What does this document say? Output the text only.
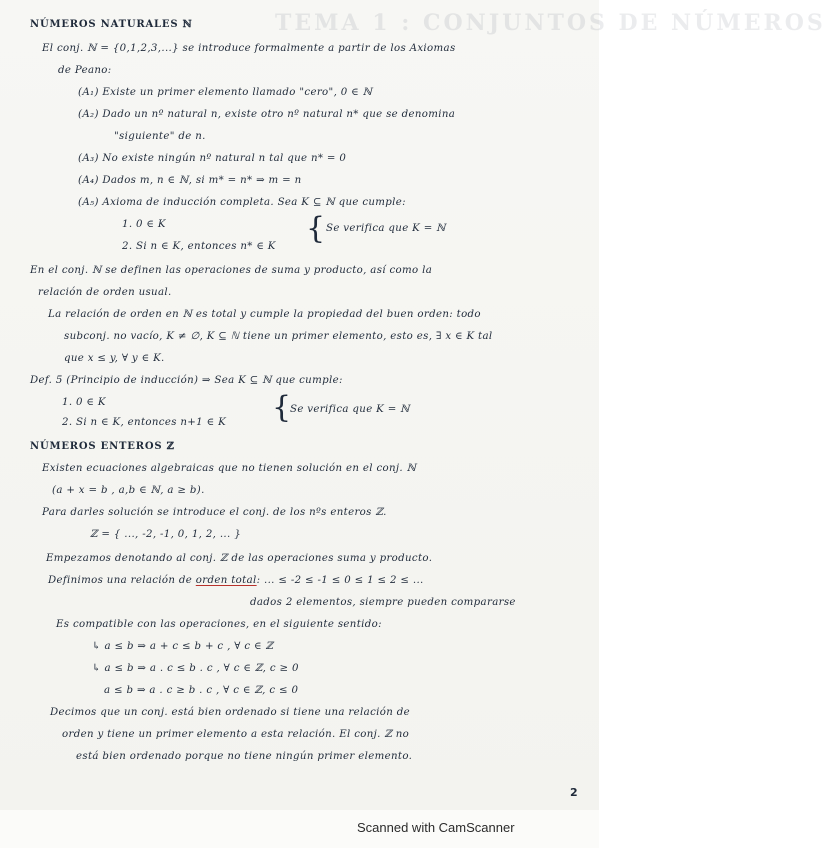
TEMA 1 : CONJUNTOS DE NÚMEROS
NÚMEROS NATURALES ℕ
El conj. ℕ = {0,1,2,3,...} se introduce formalmente a partir de los Axiomas
de Peano:
(A₁) Existe un primer elemento llamado "cero", 0 ∈ ℕ
(A₂) Dado un nº natural n, existe otro nº natural n* que se denomina
"siguiente" de n.
(A₃) No existe ningún nº natural n tal que n* = 0
(A₄) Dados m, n ∈ ℕ, si m* = n* ⇒ m = n
(A₅) Axioma de inducción completa. Sea K ⊆ ℕ que cumple:
1. 0 ∈ K
2. Si n ∈ K, entonces n* ∈ K
{ Se verifica que K = ℕ
En el conj. ℕ se definen las operaciones de suma y producto, así como la
relación de orden usual.
La relación de orden en ℕ es total y cumple la propiedad del buen orden: todo
subconj. no vacío, K ≠ ∅, K ⊆ ℕ tiene un primer elemento, esto es, ∃ x ∈ K tal
que x ≤ y, ∀ y ∈ K.
Def. 5 (Principio de inducción) ⇒ Sea K ⊆ ℕ que cumple:
1. 0 ∈ K
2. Si n ∈ K, entonces n+1 ∈ K {
Se verifica que K = ℕ
NÚMEROS ENTEROS ℤ
Existen ecuaciones algebraicas que no tienen solución en el conj. ℕ
(a + x = b , a,b ∈ ℕ, a ≥ b).
Para darles solución se introduce el conj. de los nºs enteros ℤ.
ℤ = { ..., -2, -1, 0, 1, 2, ... }
Empezamos denotando al conj. ℤ de las operaciones suma y producto.
Definimos una relación de orden total: ... ≤ -2 ≤ -1 ≤ 0 ≤ 1 ≤ 2 ≤ ...
dados 2 elementos, siempre pueden compararse
Es compatible con las operaciones, en el siguiente sentido:
↳ a ≤ b ⇒ a + c ≤ b + c , ∀ c ∈ ℤ
↳ a ≤ b ⇒ a . c ≤ b . c , ∀ c ∈ ℤ, c ≥ 0
a ≤ b ⇒ a . c ≥ b . c , ∀ c ∈ ℤ, c ≤ 0
Decimos que un conj. está bien ordenado si tiene una relación de
orden y tiene un primer elemento a esta relación. El conj. ℤ no
está bien ordenado porque no tiene ningún primer elemento.
2
Scanned with CamScanner
